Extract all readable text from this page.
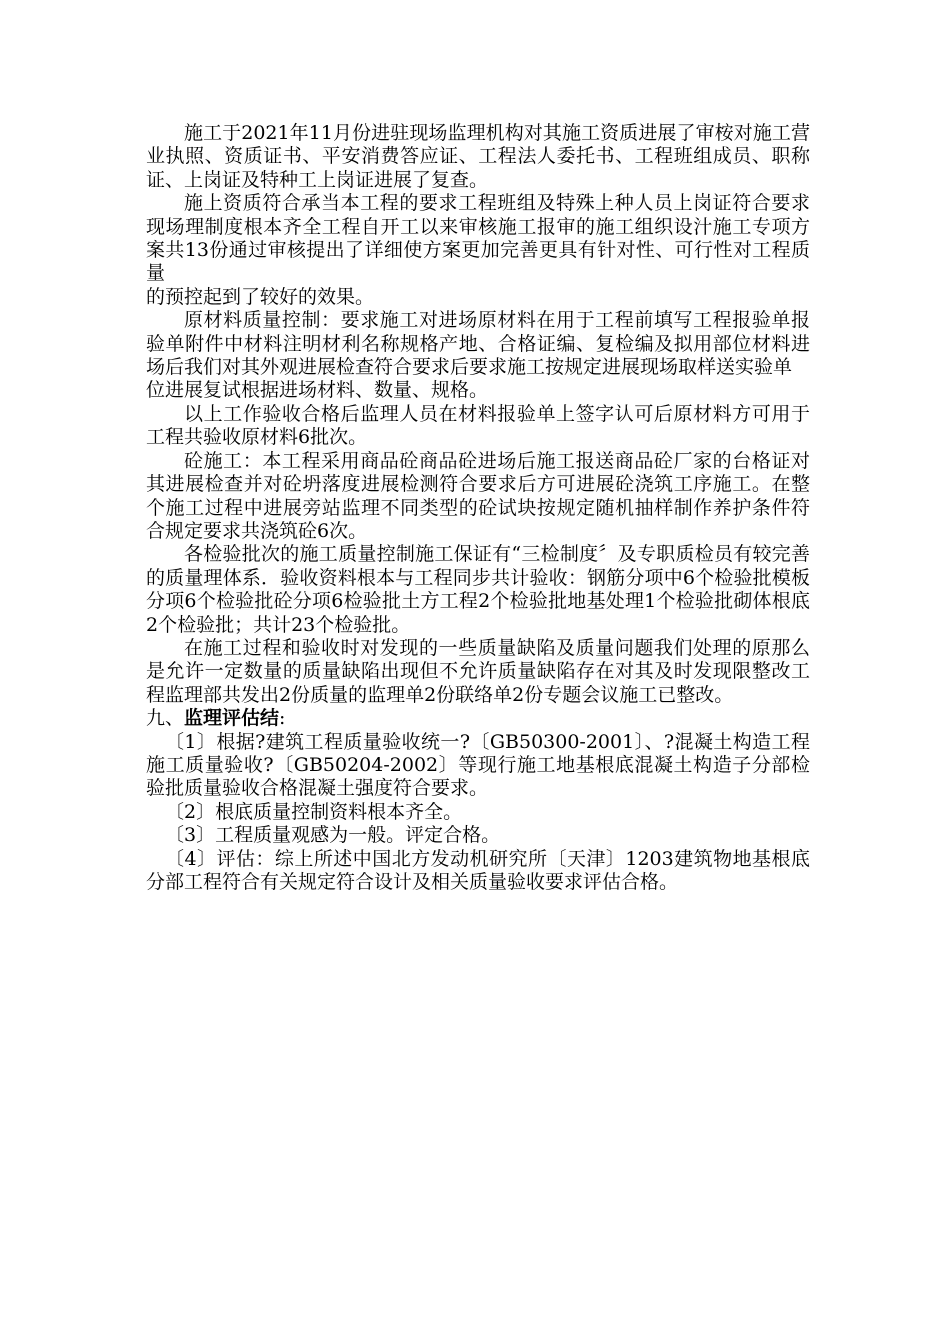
施工于2021年11月份进驻现场监理机构对其施工资质进展了审桉对施工营业执照、资质证书、平安消费答应证、工程法人委托书、工程班组成员、职称证、上岗证及特种工上岗证进展了复查。

施上资质符合承当本工程的要求工程班组及特殊上种人员上岗证符合要求现场理制度根本齐全工程自开工以来审核施工报审的施工组织设汁施工专项方案共13份通过审核提出了详细使方案更加完善更具有针对性、可行性对工程质量

的预控起到了较好的效果。

原材料质量控制：要求施工对进场原材料在用于工程前填写工程报验单报验单附件中材料注明材利名称规格产地、合格证编、复检编及拟用部位材料进场后我们对其外观进展检查符合要求后要求施工按规定进展现场取样送实验单

位进展复试根据进场材料、数量、规格。

以上工作验收合格后监理人员在材料报验单上签字认可后原材料方可用于工程共验收原材料6批次。

砼施工：本工程采用商品砼商品砼进场后施工报送商品砼厂家的台格证对其进展检查并对砼坍落度进展检测符合要求后方可进展砼浇筑工序施工。在整个施工过程中进展旁站监理不同类型的砼试块按规定随机抽样制作养护条件符合规定要求共浇筑砼6次。

各检验批次的施工质量控制施工保证有“三检制度〞及专职质检员有较完善的质量理体系．验收资料根本与工程同步共计验收：钢筋分项中6个检验批模板分项6个检验批砼分项6检验批土方工程2个检验批地基处理1个检验批砌体根底2个检验批；共计23个检验批。

在施工过程和验收时对发现的一些质量缺陷及质量问题我们处理的原那么是允许一定数量的质量缺陷出现但不允许质量缺陷存在对其及时发现限整改工程监理部共发出2份质量的监理单2份联络单2份专题会议施工已整改。

九、监理评估结:

〔1〕根据?建筑工程质量验收统一?〔GB50300-2001〕、?混凝土构造工程施工质量验收?〔GB50204-2002〕等现行施工地基根底混凝土构造子分部检验批质量验收合格混凝土强度符合要求。

〔2〕根底质量控制资料根本齐全。

〔3〕工程质量观感为一般。评定合格。

〔4〕评估：综上所述中国北方发动机研究所〔天津〕1203建筑物地基根底分部工程符合有关规定符合设计及相关质量验收要求评估合格。
